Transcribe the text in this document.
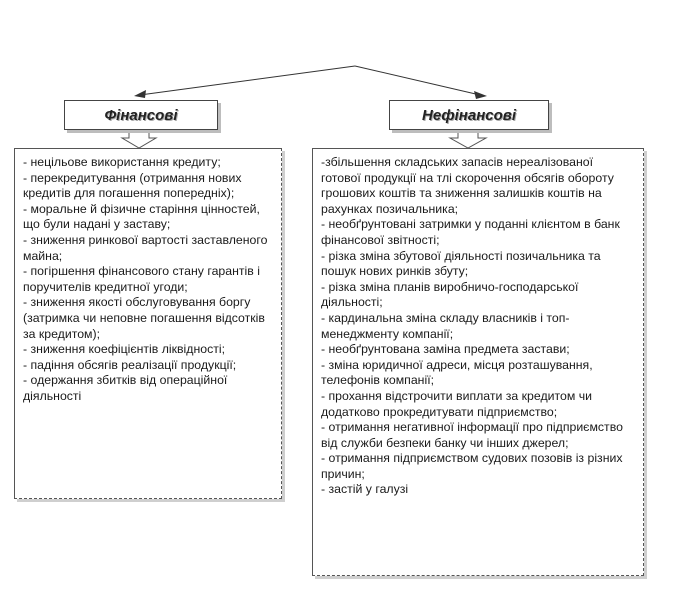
Фінансові	Нефінансові
- нецільове використання кредиту;
- перекредитування (отримання нових кредитів для погашення попередніх);
- моральне й фізичне старіння цінностей, що були надані у заставу;
- зниження ринкової вартості заставленого майна;
- погіршення фінансового стану гарантів і поручителів кредитної угоди;
- зниження якості обслуговування боргу (затримка чи неповне погашення відсотків за кредитом);
- зниження коефіцієнтів ліквідності;
- падіння обсягів реалізації продукції;
- одержання збитків від операційної діяльності
-збільшення складських запасів нереалізованої готової продукції на тлі скорочення обсягів обороту грошових коштів та зниження залишків коштів на рахунках позичальника;
- необґрунтовані затримки у поданні клієнтом в банк фінансової звітності;
- різка зміна збутової діяльності позичальника та пошук нових ринків збуту;
- різка зміна планів виробничо-господарської діяльності;
- кардинальна зміна складу власників і топ-менеджменту компанії;
- необґрунтована заміна предмета застави;
- зміна юридичної адреси, місця розташування, телефонів компанії;
- прохання відстрочити виплати за кредитом чи додатково прокредитувати підприємство;
- отримання негативної інформації про підприємство від служби безпеки банку чи інших джерел;
- отримання підприємством судових позовів із різних причин;
- застій у галузі
